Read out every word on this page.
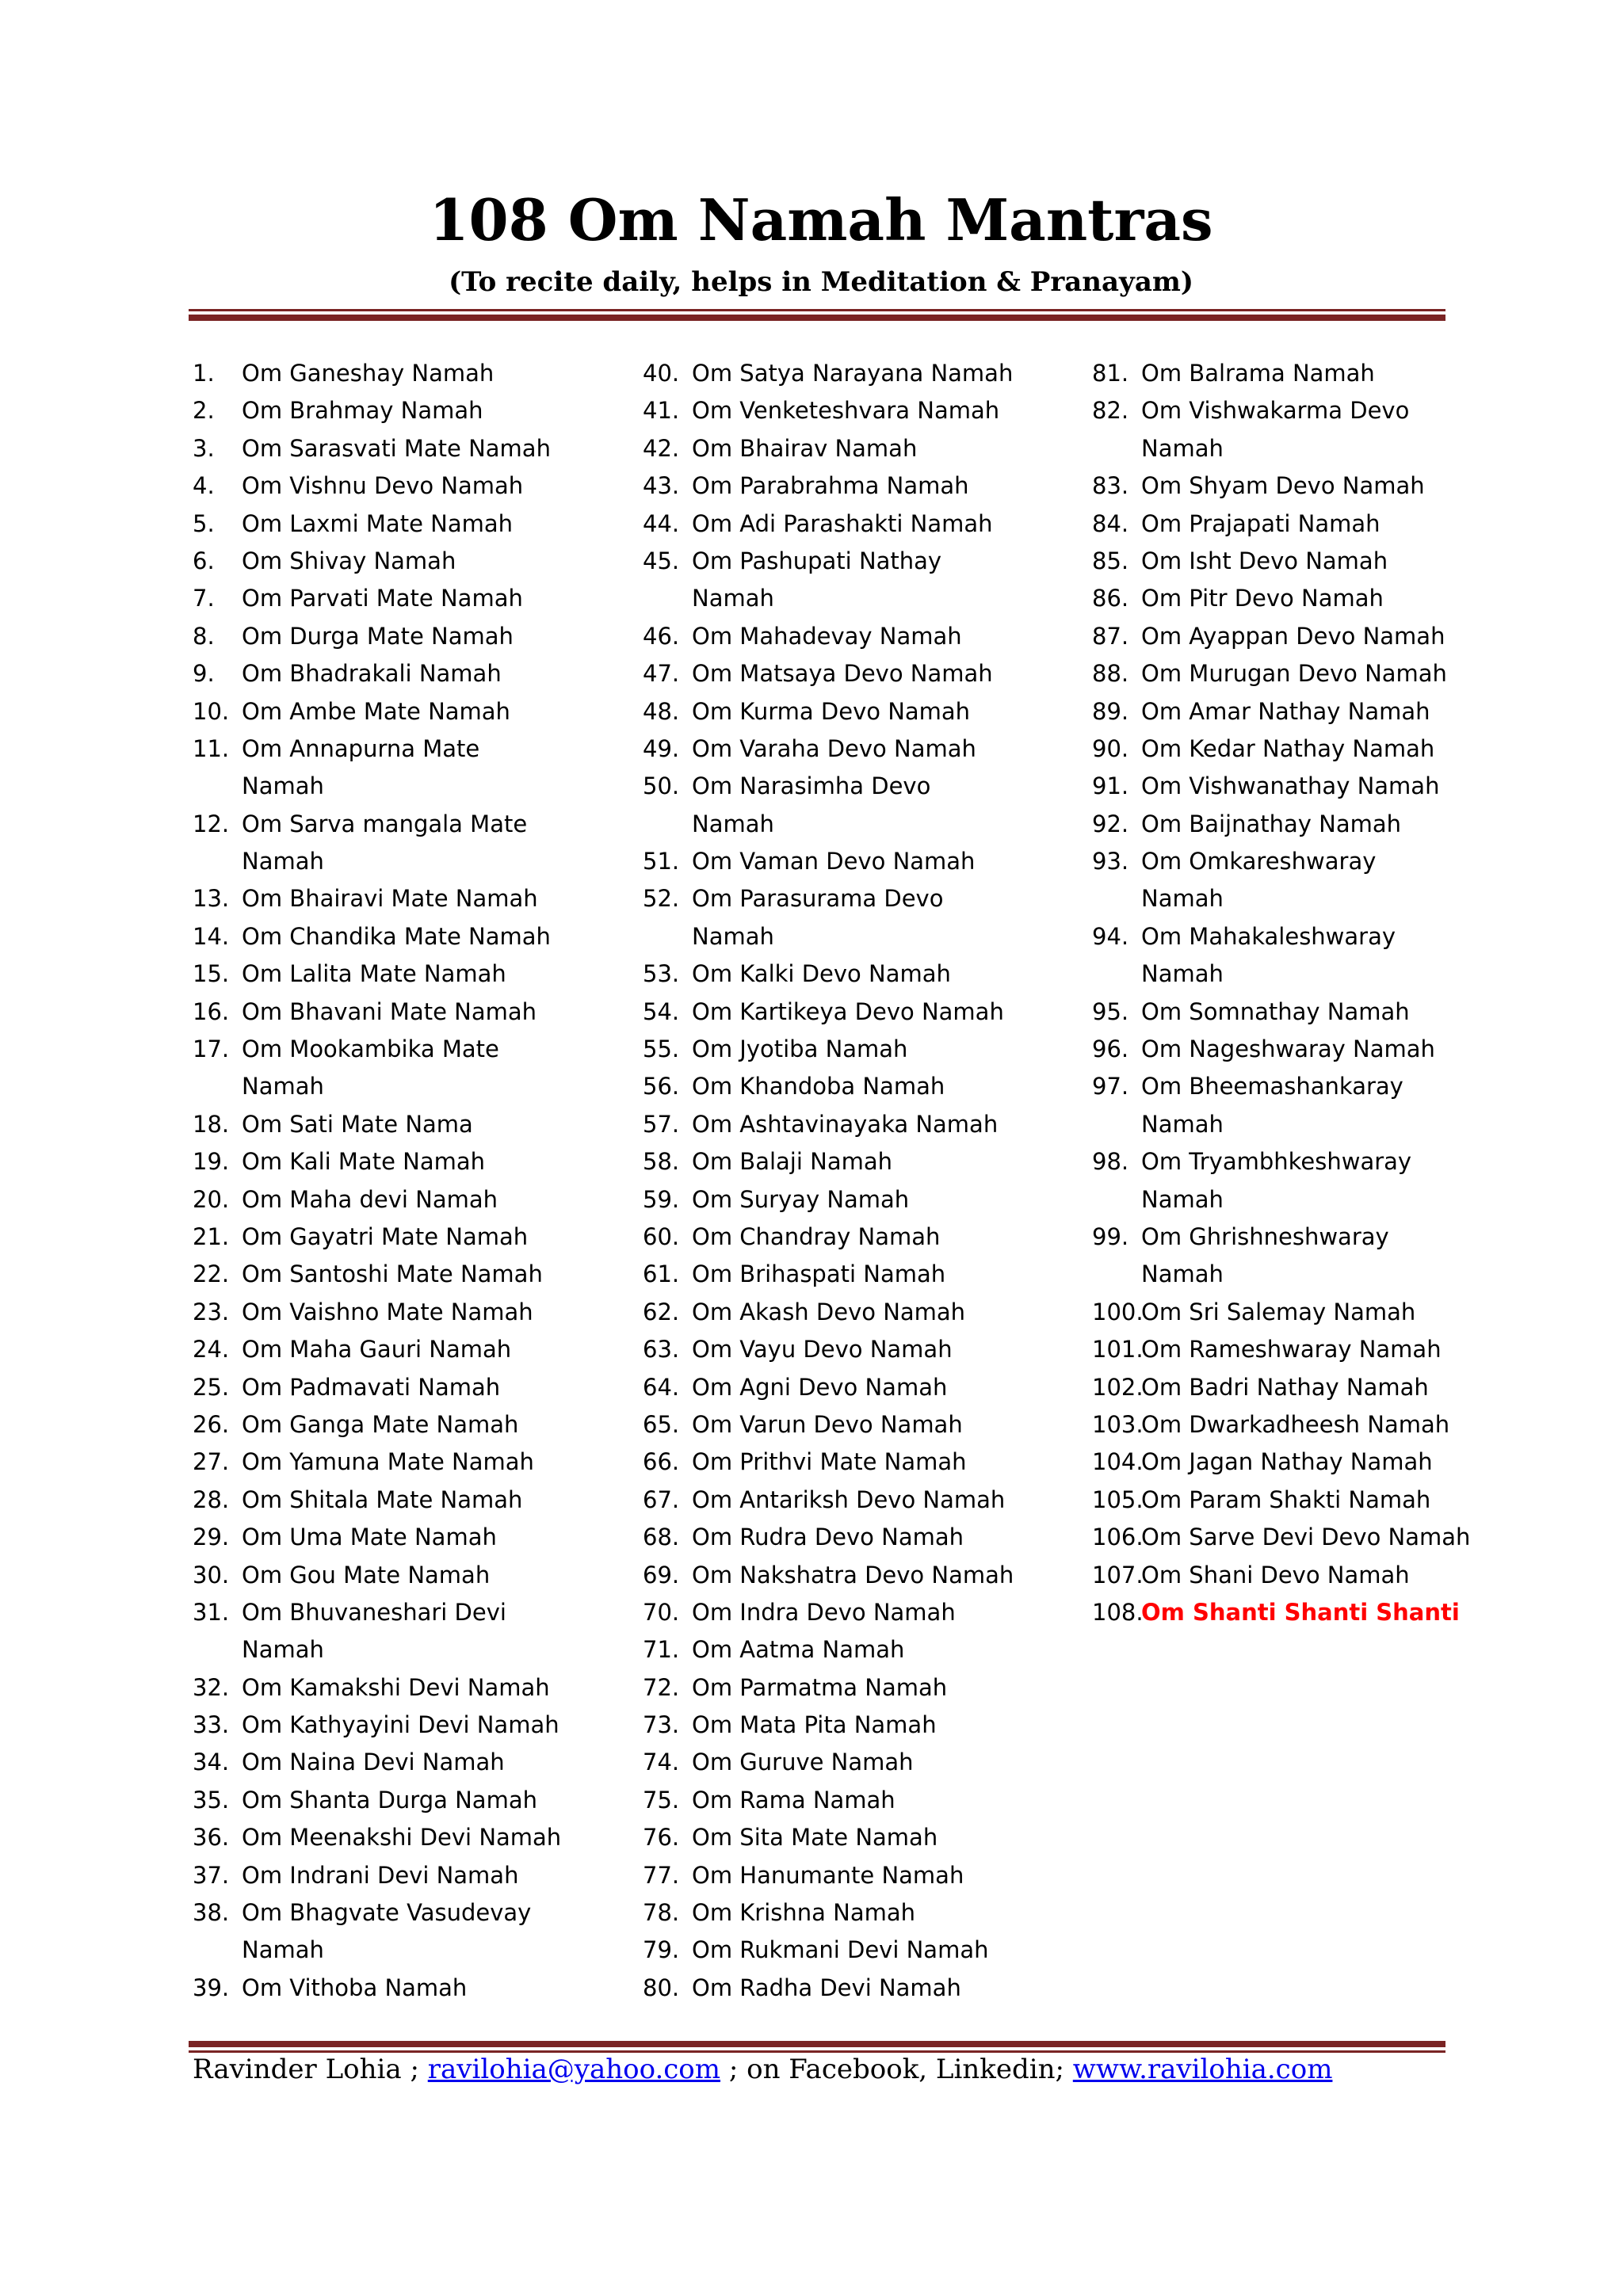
108 Om Namah Mantras
(To recite daily, helps in Meditation & Pranayam)
1.	Om Ganeshay Namah
2.	Om Brahmay Namah
3.	Om Sarasvati Mate Namah
4.	Om Vishnu Devo Namah
5.	Om Laxmi Mate Namah
6.	Om Shivay Namah
7.	Om Parvati Mate Namah
8.	Om Durga Mate Namah
9.	Om Bhadrakali Namah
10. Om Ambe Mate Namah
11. Om Annapurna Mate
Namah
12. Om Sarva mangala Mate
Namah
13. Om Bhairavi Mate Namah
14. Om Chandika Mate Namah
15. Om Lalita Mate Namah
16. Om Bhavani Mate Namah
17. Om Mookambika Mate
Namah
18. Om Sati Mate Nama
19. Om Kali Mate Namah
20. Om Maha devi Namah
21. Om Gayatri Mate Namah
22. Om Santoshi Mate Namah
23. Om Vaishno Mate Namah
24. Om Maha Gauri Namah
25. Om Padmavati Namah
26. Om Ganga Mate Namah
27. Om Yamuna Mate Namah
28. Om Shitala Mate Namah
29. Om Uma Mate Namah
30. Om Gou Mate Namah
31. Om Bhuvaneshari Devi
Namah
32. Om Kamakshi Devi Namah
33. Om Kathyayini Devi Namah
34. Om Naina Devi Namah
35. Om Shanta Durga Namah
36. Om Meenakshi Devi Namah
37. Om Indrani Devi Namah
38. Om Bhagvate Vasudevay
Namah
39. Om Vithoba Namah
40. Om Satya Narayana Namah
41. Om Venketeshvara Namah
42. Om Bhairav Namah
43. Om Parabrahma Namah
44. Om Adi Parashakti Namah
45. Om Pashupati Nathay
Namah
46. Om Mahadevay Namah
47. Om Matsaya Devo Namah
48. Om Kurma Devo Namah
49. Om Varaha Devo Namah
50. Om Narasimha Devo
Namah
51. Om Vaman Devo Namah
52. Om Parasurama Devo
Namah
53. Om Kalki Devo Namah
54. Om Kartikeya Devo Namah
55. Om Jyotiba Namah
56. Om Khandoba Namah
57. Om Ashtavinayaka Namah
58. Om Balaji Namah
59. Om Suryay Namah
60. Om Chandray Namah
61. Om Brihaspati Namah
62. Om Akash Devo Namah
63. Om Vayu Devo Namah
64. Om Agni Devo Namah
65. Om Varun Devo Namah
66. Om Prithvi Mate Namah
67. Om Antariksh Devo Namah
68. Om Rudra Devo Namah
69. Om Nakshatra Devo Namah
70. Om Indra Devo Namah
71. Om Aatma Namah
72. Om Parmatma Namah
73. Om Mata Pita Namah
74. Om Guruve Namah
75. Om Rama Namah
76. Om Sita Mate Namah
77. Om Hanumante Namah
78. Om Krishna Namah
79. Om Rukmani Devi Namah
80. Om Radha Devi Namah
81. Om Balrama Namah
82. Om Vishwakarma Devo
Namah
83. Om Shyam Devo Namah
84. Om Prajapati Namah
85. Om Isht Devo Namah
86. Om Pitr Devo Namah
87. Om Ayappan Devo Namah
88. Om Murugan Devo Namah
89. Om Amar Nathay Namah
90. Om Kedar Nathay Namah
91. Om Vishwanathay Namah
92. Om Baijnathay Namah
93. Om Omkareshwaray
Namah
94. Om Mahakaleshwaray
Namah
95. Om Somnathay Namah
96. Om Nageshwaray Namah
97. Om Bheemashankaray
Namah
98. Om Tryambhkeshwaray
Namah
99. Om Ghrishneshwaray
Namah
100.
Om Sri Salemay Namah
101.
Om Rameshwaray Namah
102.
Om Badri Nathay Namah
103.
Om Dwarkadheesh Namah
104.
Om Jagan Nathay Namah
105.
Om Param Shakti Namah
106.
Om Sarve Devi Devo Namah
107.
Om Shani Devo Namah
108.
Om Shanti Shanti Shanti
Ravinder Lohia ; ravilohia@yahoo.com ; on Facebook, Linkedin; www.ravilohia.com
